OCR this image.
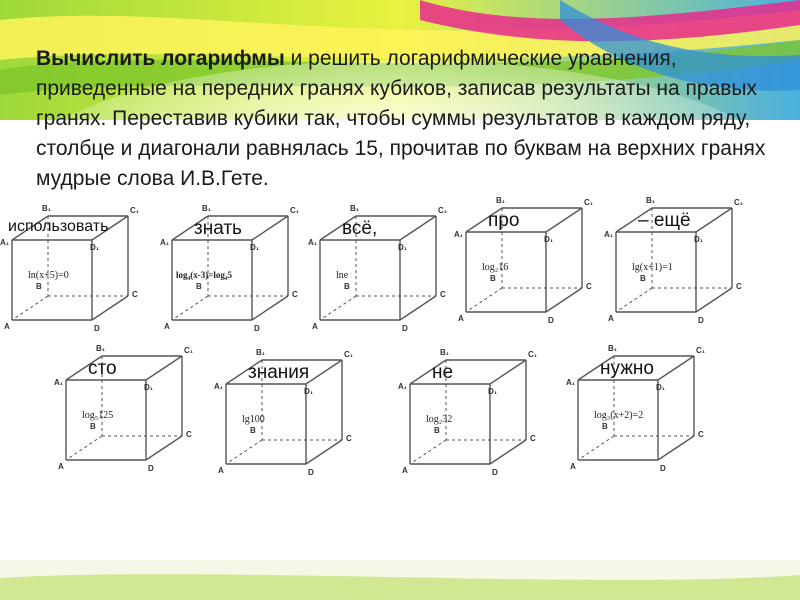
Вычислить логарифмы и решить логарифмические уравнения, приведенные на передних гранях кубиков, записав результаты на правых гранях. Переставив кубики так, чтобы суммы результатов в каждом ряду, столбце и диагонали равнялась 15, прочитав по буквам на верхних гранях мудрые слова И.В.Гете.

A₁
B₁	C₁
D₁
A	D
C
B
использовать
ln(x+5)=0
A₁
B₁	C₁
D₁
A	D
C
B
знать
log₄(x-3)=log₄5
A₁
B₁	C₁
D₁
A	D
C
B
всё,
lne
A₁
B₁	C₁
D₁
A	D
C
B
про
log₂16
A₁
B₁	C₁
D₁
A	D
C
B
– ещё
lg(x+1)=1
A₁
B₁	C₁
D₁
A	D
C
B
сто
log₅125
A₁
B₁	C₁
D₁
A	D
C
B
знания
lg100
A₁
B₁	C₁
D₁
A	D
C
B
не
log₂32
A₁
B₁	C₁
D₁
A	D
C
B
нужно
log₃(x+2)=2
